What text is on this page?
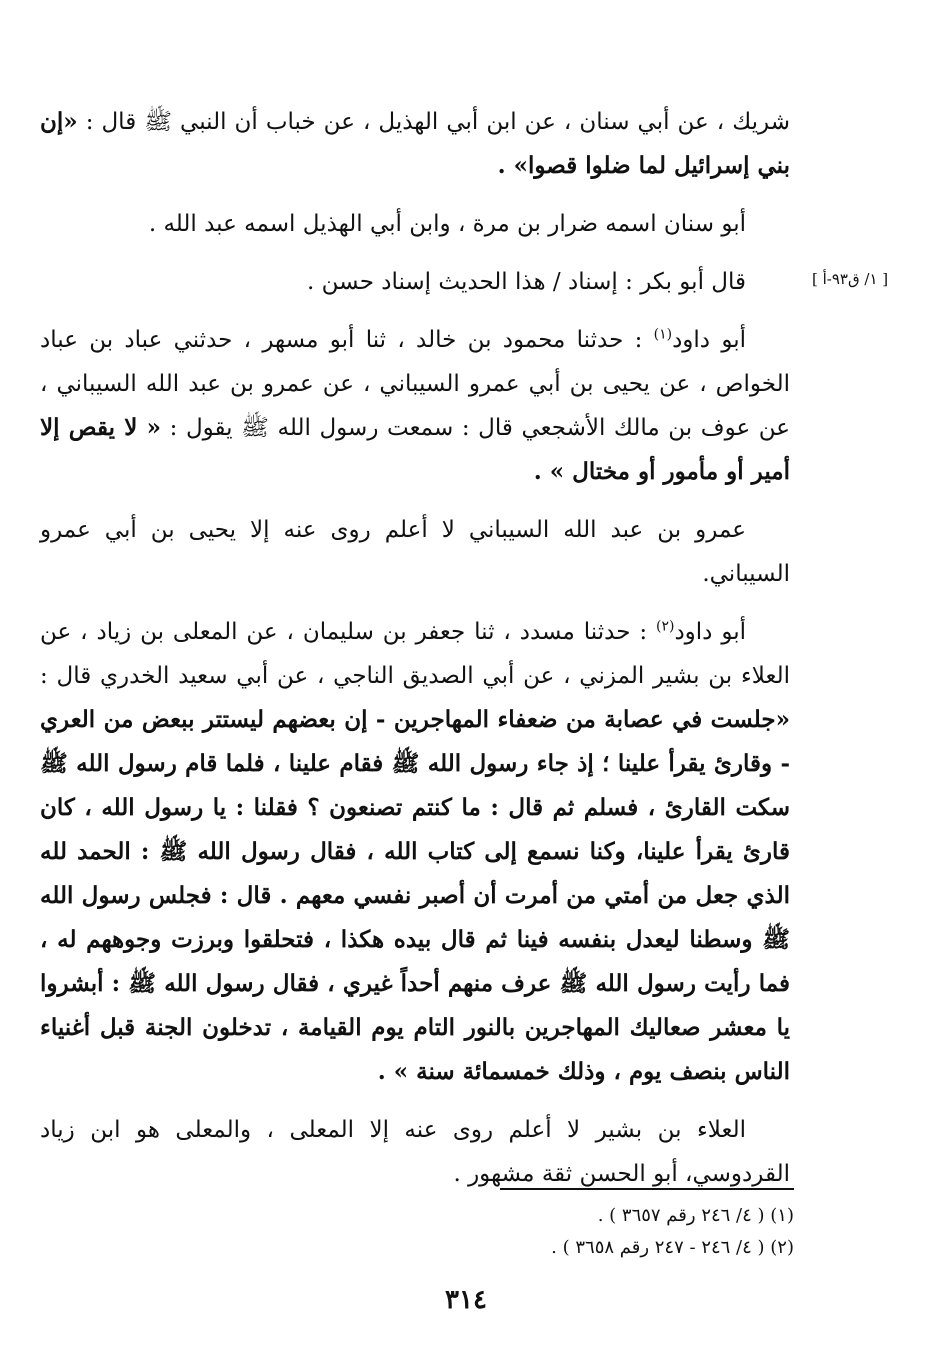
[ ١/ ق٩٣-أ ]

شريك ، عن أبي سنان ، عن ابن أبي الهذيل ، عن خباب أن النبي ﷺ قال : «إن بني إسرائيل لما ضلوا قصوا» .

أبو سنان اسمه ضرار بن مرة ، وابن أبي الهذيل اسمه عبد الله .

قال أبو بكر : إسناد / هذا الحديث إسناد حسن .

أبو داود$^{(١)}$ : حدثنا محمود بن خالد ، ثنا أبو مسهر ، حدثني عباد بن عباد الخواص ، عن يحيى بن أبي عمرو السيباني ، عن عمرو بن عبد الله السيباني ، عن عوف بن مالك الأشجعي قال : سمعت رسول الله ﷺ يقول : « لا يقص إلا أمير أو مأمور أو مختال » .

عمرو بن عبد الله السيباني لا أعلم روى عنه إلا يحيى بن أبي عمرو السيباني.

أبو داود$^{(٢)}$ : حدثنا مسدد ، ثنا جعفر بن سليمان ، عن المعلى بن زياد ، عن العلاء بن بشير المزني ، عن أبي الصديق الناجي ، عن أبي سعيد الخدري قال : «جلست في عصابة من ضعفاء المهاجرين - إن بعضهم ليستتر ببعض من العري - وقارئ يقرأ علينا ؛ إذ جاء رسول الله ﷺ فقام علينا ، فلما قام رسول الله ﷺ سكت القارئ ، فسلم ثم قال : ما كنتم تصنعون ؟ فقلنا : يا رسول الله ، كان قارئ يقرأ علينا، وكنا نسمع إلى كتاب الله ، فقال رسول الله ﷺ : الحمد لله الذي جعل من أمتي من أمرت أن أصبر نفسي معهم . قال : فجلس رسول الله ﷺ وسطنا ليعدل بنفسه فينا ثم قال بيده هكذا ، فتحلقوا وبرزت وجوههم له ، فما رأيت رسول الله ﷺ عرف منهم أحداً غيري ، فقال رسول الله ﷺ : أبشروا يا معشر صعاليك المهاجرين بالنور التام يوم القيامة ، تدخلون الجنة قبل أغنياء الناس بنصف يوم ، وذلك خمسمائة سنة » .

العلاء بن بشير لا أعلم روى عنه إلا المعلى ، والمعلى هو ابن زياد القردوسي، أبو الحسن ثقة مشهور .

(١) ( ٤/ ٢٤٦ رقم ٣٦٥٧ ) .

(٢) ( ٤/ ٢٤٦ - ٢٤٧ رقم ٣٦٥٨ ) .

٣١٤
